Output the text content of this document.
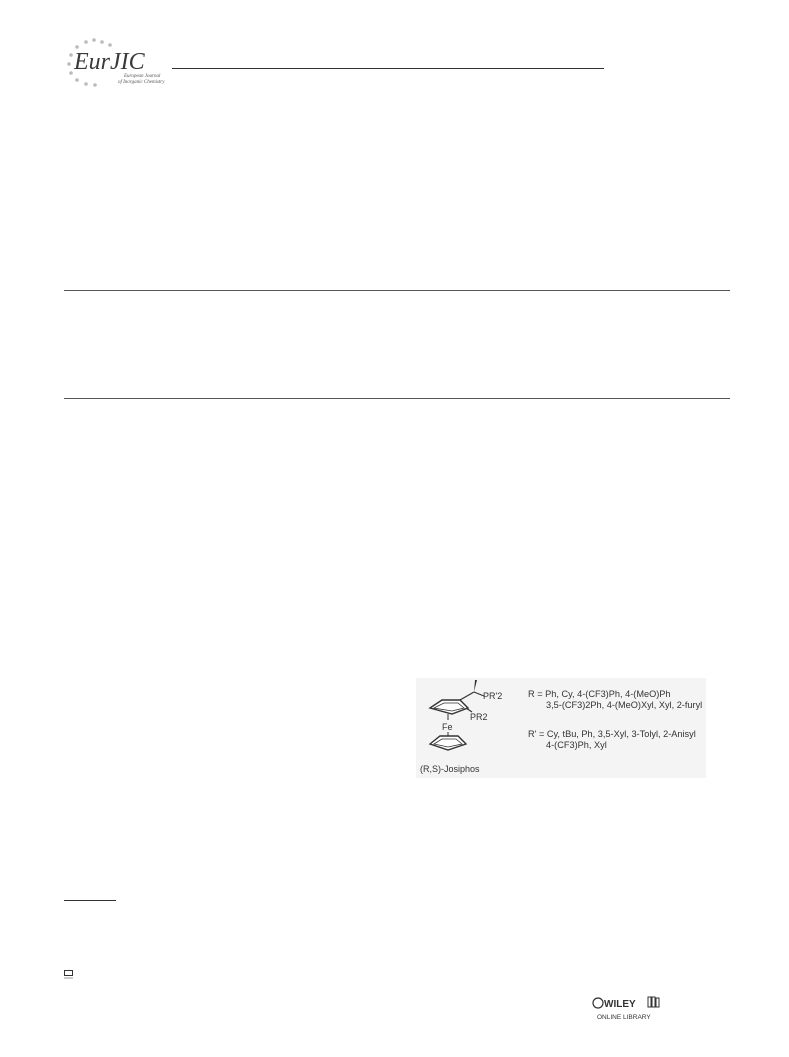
EurJIC
European Journal
of Inorganic Chemistry
PR'2
PR2
Fe
(R,S)-Josiphos
R = Ph, Cy, 4-(CF3)Ph, 4-(MeO)Ph
3,5-(CF3)2Ph, 4-(MeO)Xyl, Xyl, 2-furyl
R' = Cy, tBu, Ph, 3,5-Xyl, 3-Tolyl, 2-Anisyl
4-(CF3)Ph, Xyl
WILEY
ONLINE LIBRARY
